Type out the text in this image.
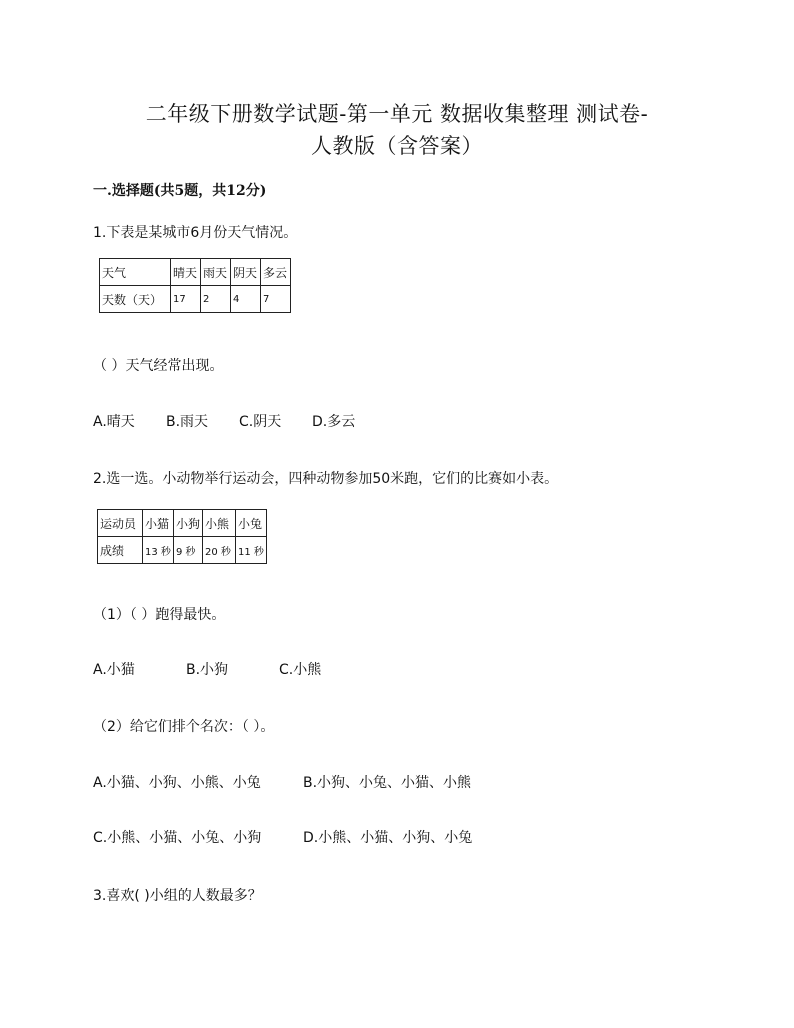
二年级下册数学试题-第一单元 数据收集整理 测试卷-
人教版（含答案）
一.选择题(共5题，共12分)
1.下表是某城市6月份天气情况。
天气	晴天	雨天	阴天	多云
天数（天）	17	2	4	7
（ ）天气经常出现。
A.晴天 B.雨天 C.阴天 D.多云
2.选一选。小动物举行运动会，四种动物参加50米跑，它们的比赛如小表。
运动员	小猫	小狗	小熊	小兔
成绩	13 秒	9 秒	20 秒	11 秒
（1）（ ）跑得最快。
A.小猫	B.小狗	C.小熊
（2）给它们排个名次：（ ）。
A.小猫、小狗、小熊、小兔	B.小狗、小兔、小猫、小熊
C.小熊、小猫、小兔、小狗	D.小熊、小猫、小狗、小兔
3.喜欢( )小组的人数最多？
